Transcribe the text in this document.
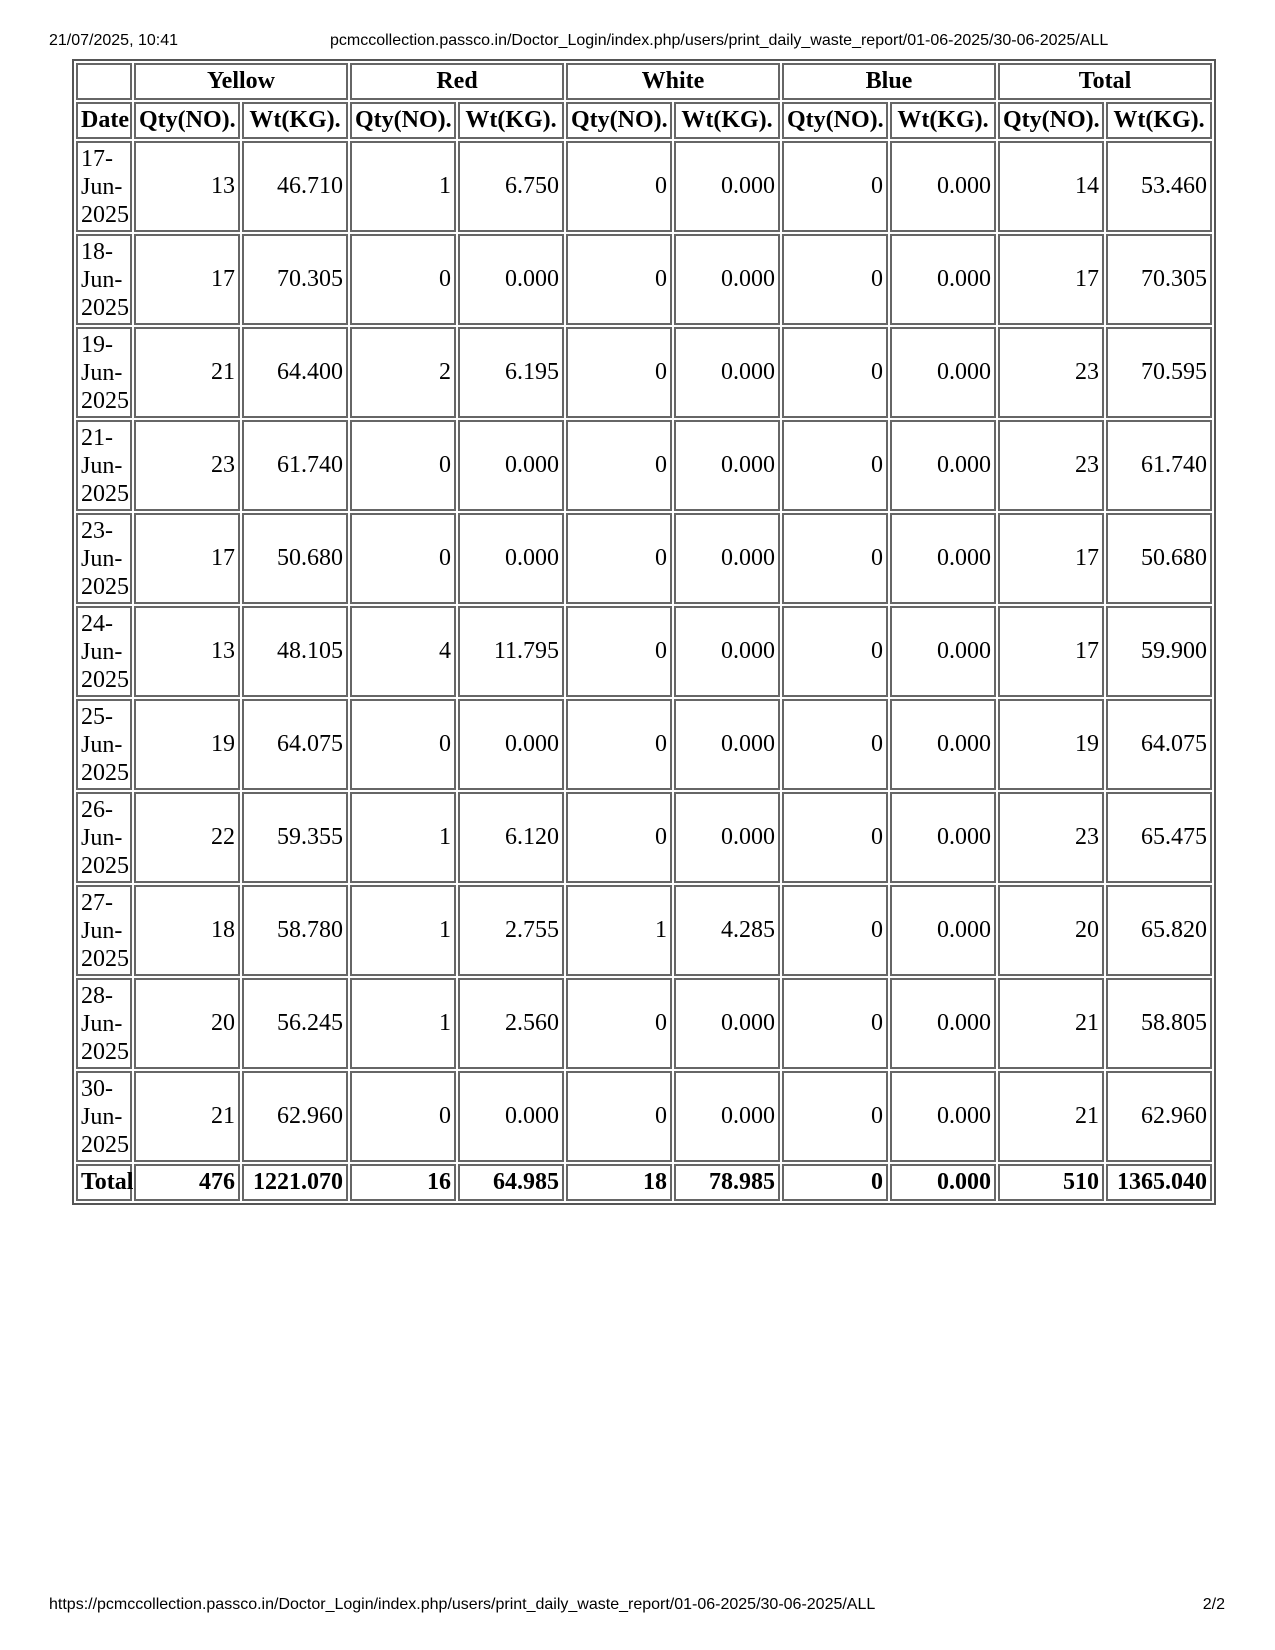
21/07/2025, 10:41	pcmccollection.passco.in/Doctor_Login/index.php/users/print_daily_waste_report/01-06-2025/30-06-2025/ALL
	Yellow		Red		White		Blue		Total	
Date	Qty(NO).	Wt(KG).	Qty(NO).	Wt(KG).	Qty(NO).	Wt(KG).	Qty(NO).	Wt(KG).	Qty(NO).	Wt(KG).
17-Jun-2025	13	46.710	1	6.750	0	0.000	0	0.000	14	53.460
18-Jun-2025	17	70.305	0	0.000	0	0.000	0	0.000	17	70.305
19-Jun-2025	21	64.400	2	6.195	0	0.000	0	0.000	23	70.595
21-Jun-2025	23	61.740	0	0.000	0	0.000	0	0.000	23	61.740
23-Jun-2025	17	50.680	0	0.000	0	0.000	0	0.000	17	50.680
24-Jun-2025	13	48.105	4	11.795	0	0.000	0	0.000	17	59.900
25-Jun-2025	19	64.075	0	0.000	0	0.000	0	0.000	19	64.075
26-Jun-2025	22	59.355	1	6.120	0	0.000	0	0.000	23	65.475
27-Jun-2025	18	58.780	1	2.755	1	4.285	0	0.000	20	65.820
28-Jun-2025	20	56.245	1	2.560	0	0.000	0	0.000	21	58.805
30-Jun-2025	21	62.960	0	0.000	0	0.000	0	0.000	21	62.960
Total	476	1221.070	16	64.985	18	78.985	0	0.000	510	1365.040
https://pcmccollection.passco.in/Doctor_Login/index.php/users/print_daily_waste_report/01-06-2025/30-06-2025/ALL	2/2
